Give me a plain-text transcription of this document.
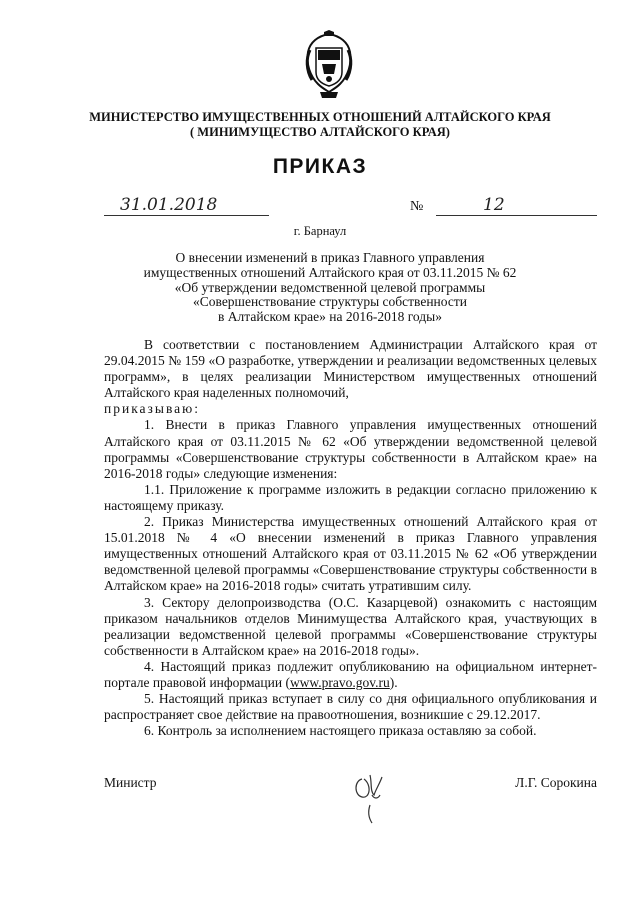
МИНИСТЕРСТВО ИМУЩЕСТВЕННЫХ ОТНОШЕНИЙ АЛТАЙСКОГО КРАЯ
( МИНИМУЩЕСТВО АЛТАЙСКОГО КРАЯ)
ПРИКАЗ
31.01.2018	№	12
г. Барнаул
О внесении изменений в приказ Главного управления
имущественных отношений Алтайского края от 03.11.2015 № 62
«Об утверждении ведомственной целевой программы
«Совершенствование структуры собственности
в Алтайском крае» на 2016-2018 годы»

В соответствии с постановлением Администрации Алтайского края от 29.04.2015 № 159 «О разработке, утверждении и реализации ведомственных целевых программ», в целях реализации Министерством имущественных отношений Алтайского края наделенных полномочий,

приказываю:

1. Внести в приказ Главного управления имущественных отношений Алтайского края от 03.11.2015 № 62 «Об утверждении ведомственной целевой программы «Совершенствование структуры собственности в Алтайском крае» на 2016-2018 годы» следующие изменения:

1.1. Приложение к программе изложить в редакции согласно приложению к настоящему приказу.

2. Приказ Министерства имущественных отношений Алтайского края от 15.01.2018 № 4 «О внесении изменений в приказ Главного управления имущественных отношений Алтайского края от 03.11.2015 № 62 «Об утверждении ведомственной целевой программы «Совершенствование структуры собственности в Алтайском крае» на 2016-2018 годы» считать утратившим силу.

3. Сектору делопроизводства (О.С. Казарцевой) ознакомить с настоящим приказом начальников отделов Минимущества Алтайского края, участвующих в реализации ведомственной целевой программы «Совершенствование структуры собственности в Алтайском крае» на 2016-2018 годы».

4. Настоящий приказ подлежит опубликованию на официальном интернет-портале правовой информации (www.pravo.gov.ru).

5. Настоящий приказ вступает в силу со дня официального опубликования и распространяет свое действие на правоотношения, возникшие с 29.12.2017.

6. Контроль за исполнением настоящего приказа оставляю за собой.

Министр	Л.Г. Сорокина
